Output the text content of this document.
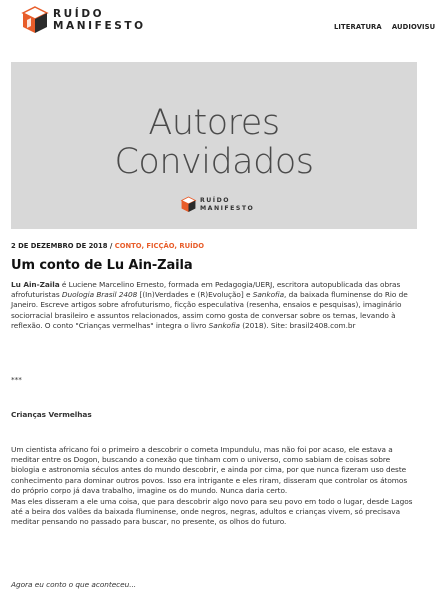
RUÍDO
MANIFESTO	LITERATURA AUDIOVISU
Autores
Convidados
RUÍDO
MANIFESTO
2 DE DEZEMBRO DE 2018 / CONTO, FICÇÃO, RUÍDO
Um conto de Lu Ain-Zaila

Lu Ain-Zaila é Luciene Marcelino Ernesto, formada em Pedagogia/UERJ, escritora autopublicada das obras afrofuturistas Duologia Brasil 2408 [(In)Verdades e (R)Evolução] e Sankofia, da baixada fluminense do Rio de Janeiro. Escreve artigos sobre afrofuturismo, ficção especulativa (resenha, ensaios e pesquisas), imaginário sociorracial brasileiro e assuntos relacionados, assim como gosta de conversar sobre os temas, levando à reflexão. O conto "Crianças vermelhas" integra o livro Sankofia (2018). Site: brasil2408.com.br

***

Crianças Vermelhas

Um cientista africano foi o primeiro a descobrir o cometa Impundulu, mas não foi por acaso, ele estava a meditar entre os Dogon, buscando a conexão que tinham com o universo, como sabiam de coisas sobre biologia e astronomia séculos antes do mundo descobrir, e ainda por cima, por que nunca fizeram uso deste conhecimento para dominar outros povos. Isso era intrigante e eles riram, disseram que controlar os átomos do próprio corpo já dava trabalho, imagine os do mundo. Nunca daria certo.

Mas eles disseram a ele uma coisa, que para descobrir algo novo para seu povo em todo o lugar, desde Lagos até a beira dos valões da baixada fluminense, onde negros, negras, adultos e crianças vivem, só precisava meditar pensando no passado para buscar, no presente, os olhos do futuro.

Agora eu conto o que aconteceu...
